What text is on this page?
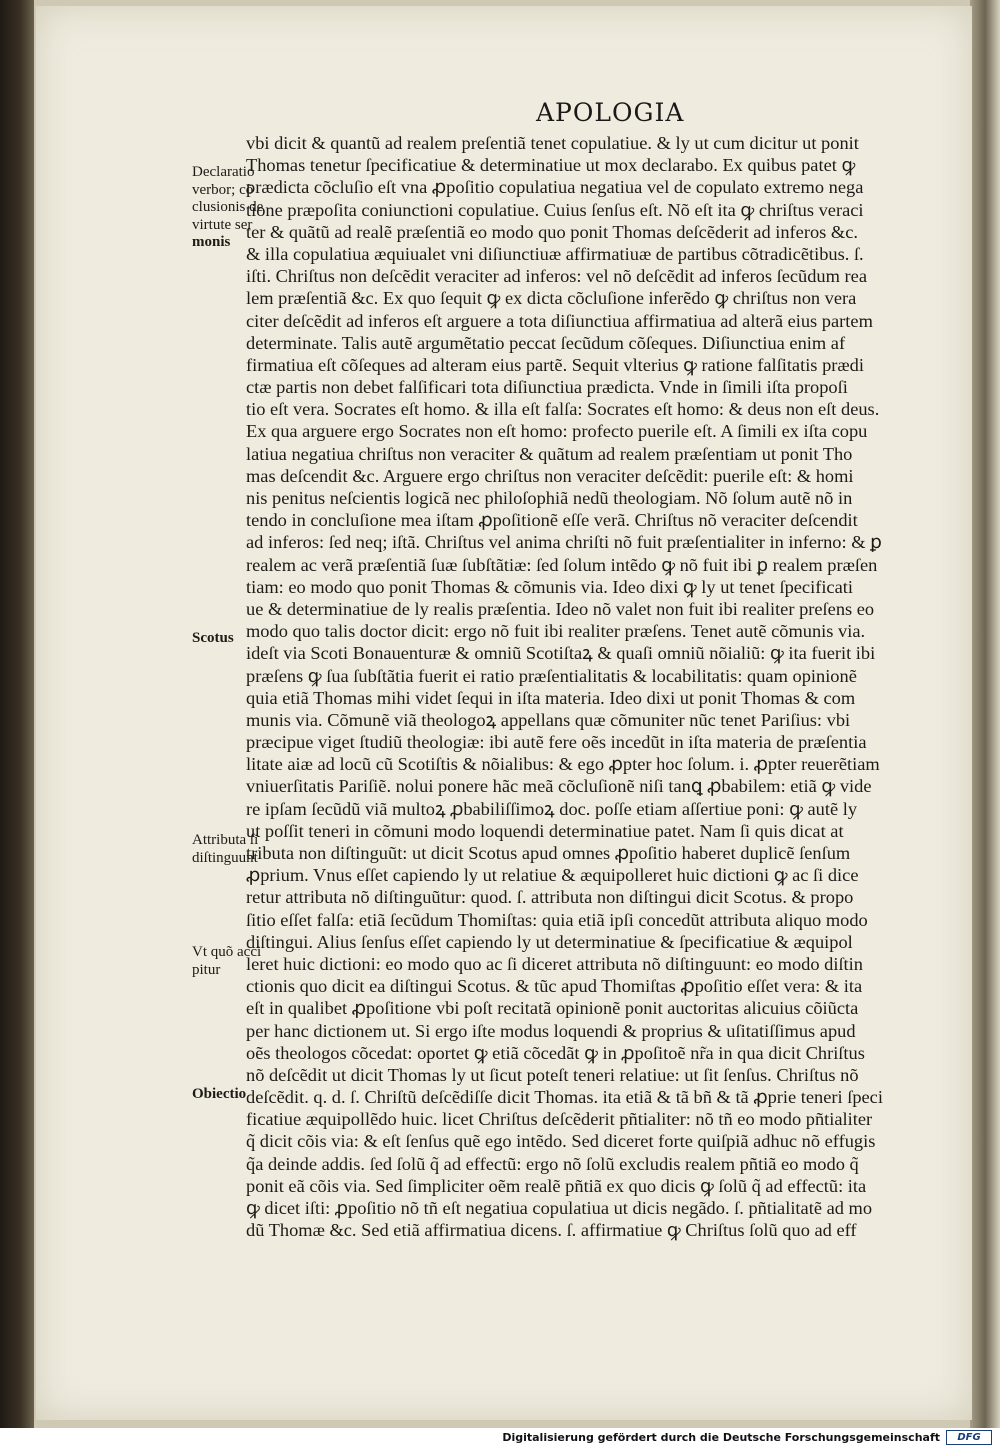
APOLOGIA
Declaratio
verbor; cõ
clusionis de
virtute ser
monis
Scotus
Attributa ſi
diſtinguunt
Vt quõ acci
pitur
Obiectio
vbi dicit & quantũ ad realem preſentiã tenet copulatiue. & ly ut cum dicitur ut ponit
Thomas tenetur ſpecificatiue & determinatiue ut mox declarabo. Ex quibus patet ꝙ
prædicta cõcluſio eſt vna ꝓpoſitio copulatiua negatiua vel de copulato extremo nega
tione præpoſita coniunctioni copulatiue. Cuius ſenſus eſt. Nõ eſt ita ꝙ chriſtus veraci
ter & quãtũ ad realẽ præſentiã eo modo quo ponit Thomas deſcẽderit ad inferos &c.
& illa copulatiua æquiualet vni diſiunctiuæ affirmatiuæ de partibus cõtradicẽtibus. ſ.
iſti. Chriſtus non deſcẽdit veraciter ad inferos: vel nõ deſcẽdit ad inferos ſecũdum rea
lem præſentiã &c. Ex quo ſequit ꝙ ex dicta cõcluſione inferẽdo ꝙ chriſtus non vera
citer deſcẽdit ad inferos eſt arguere a tota diſiunctiua affirmatiua ad alterã eius partem
determinate. Talis autẽ argumẽtatio peccat ſecũdum cõſeques. Diſiunctiua enim af
firmatiua eſt cõſeques ad alteram eius partẽ. Sequit vlterius ꝙ ratione falſitatis prædi
ctæ partis non debet falſificari tota diſiunctiua prædicta. Vnde in ſimili iſta propoſi
tio eſt vera. Socrates eſt homo. & illa eſt falſa: Socrates eſt homo: & deus non eſt deus.
Ex qua arguere ergo Socrates non eſt homo: profecto puerile eſt. A ſimili ex iſta copu
latiua negatiua chriſtus non veraciter & quãtum ad realem præſentiam ut ponit Tho
mas deſcendit &c. Arguere ergo chriſtus non veraciter deſcẽdit: puerile eſt: & homi
nis penitus neſcientis logicã nec philoſophiã nedũ theologiam. Nõ ſolum autẽ nõ in
tendo in concluſione mea iſtam ꝓpoſitionẽ eſſe verã. Chriſtus nõ veraciter deſcendit
ad inferos: ſed neq; iſtã. Chriſtus vel anima chriſti nõ fuit præſentialiter in inferno: & ꝑ
realem ac verã præſentiã ſuæ ſubſtãtiæ: ſed ſolum intẽdo ꝙ nõ fuit ibi ꝑ realem præſen
tiam: eo modo quo ponit Thomas & cõmunis via. Ideo dixi ꝙ ly ut tenet ſpecificati
ue & determinatiue de ly realis præſentia. Ideo nõ valet non fuit ibi realiter preſens eo
modo quo talis doctor dicit: ergo nõ fuit ibi realiter præſens. Tenet autẽ cõmunis via.
ideſt via Scoti Bonauenturæ & omniũ Scotiſtaꝝ & quaſi omniũ nõialiũ: ꝙ ita fuerit ibi
præſens ꝙ ſua ſubſtãtia fuerit ei ratio præſentialitatis & locabilitatis: quam opinionẽ
quia etiã Thomas mihi videt ſequi in iſta materia. Ideo dixi ut ponit Thomas & com
munis via. Cõmunẽ viã theologoꝝ appellans quæ cõmuniter nũc tenet Pariſius: vbi
præcipue viget ſtudiũ theologiæ: ibi autẽ fere oẽs incedũt in iſta materia de præſentia
litate aiæ ad locũ cũ Scotiſtis & nõialibus: & ego ꝓpter hoc ſolum. i. ꝓpter reuerẽtiam
vniuerſitatis Pariſiẽ. nolui ponere hãc meã cõcluſionẽ niſi tanꝗ ꝓbabilem: etiã ꝙ vide
re ipſam ſecũdũ viã multoꝝ ꝓbabiliſſimoꝝ doc. poſſe etiam aſſertiue poni: ꝙ autẽ ly
ut poſſit teneri in cõmuni modo loquendi determinatiue patet. Nam ſi quis dicat at
tributa non diſtinguũt: ut dicit Scotus apud omnes ꝓpoſitio haberet duplicẽ ſenſum
ꝓprium. Vnus eſſet capiendo ly ut relatiue & æquipolleret huic dictioni ꝙ ac ſi dice
retur attributa nõ diſtinguũtur: quod. ſ. attributa non diſtingui dicit Scotus. & propo
ſitio eſſet falſa: etiã ſecũdum Thomiſtas: quia etiã ipſi concedũt attributa aliquo modo
diſtingui. Alius ſenſus eſſet capiendo ly ut determinatiue & ſpecificatiue & æquipol
leret huic dictioni: eo modo quo ac ſi diceret attributa nõ diſtinguunt: eo modo diſtin
ctionis quo dicit ea diſtingui Scotus. & tũc apud Thomiſtas ꝓpoſitio eſſet vera: & ita
eſt in qualibet ꝓpoſitione vbi poſt recitatã opinionẽ ponit auctoritas alicuius cõiũcta
per hanc dictionem ut. Si ergo iſte modus loquendi & proprius & uſitatiſſimus apud
oẽs theologos cõcedat: oportet ꝙ etiã cõcedãt ꝙ in ꝓpoſitoẽ nr̃a in qua dicit Chriſtus
nõ deſcẽdit ut dicit Thomas ly ut ſicut poteſt teneri relatiue: ut ſit ſenſus. Chriſtus nõ
deſcẽdit. q. d. ſ. Chriſtũ deſcẽdiſſe dicit Thomas. ita etiã & tã bñ & tã ꝓprie teneri ſpeci
ficatiue æquipollẽdo huic. licet Chriſtus deſcẽderit pñtialiter: nõ tñ eo modo pñtialiter
q̃ dicit cõis via: & eſt ſenſus quẽ ego intẽdo. Sed diceret forte quiſpiã adhuc nõ effugis
q̃a deinde addis. ſed ſolũ q̃ ad effectũ: ergo nõ ſolũ excludis realem pñtiã eo modo q̃
ponit eã cõis via. Sed ſimpliciter oẽm realẽ pñtiã ex quo dicis ꝙ ſolũ q̃ ad effectũ: ita
ꝙ dicet iſti: ꝓpoſitio nõ tñ eſt negatiua copulatiua ut dicis negãdo. ſ. pñtialitatẽ ad mo
dũ Thomæ &c. Sed etiã affirmatiua dicens. ſ. affirmatiue ꝙ Chriſtus ſolũ quo ad eff
Digitalisierung gefördert durch die Deutsche Forschungsgemeinschaft	DFG
